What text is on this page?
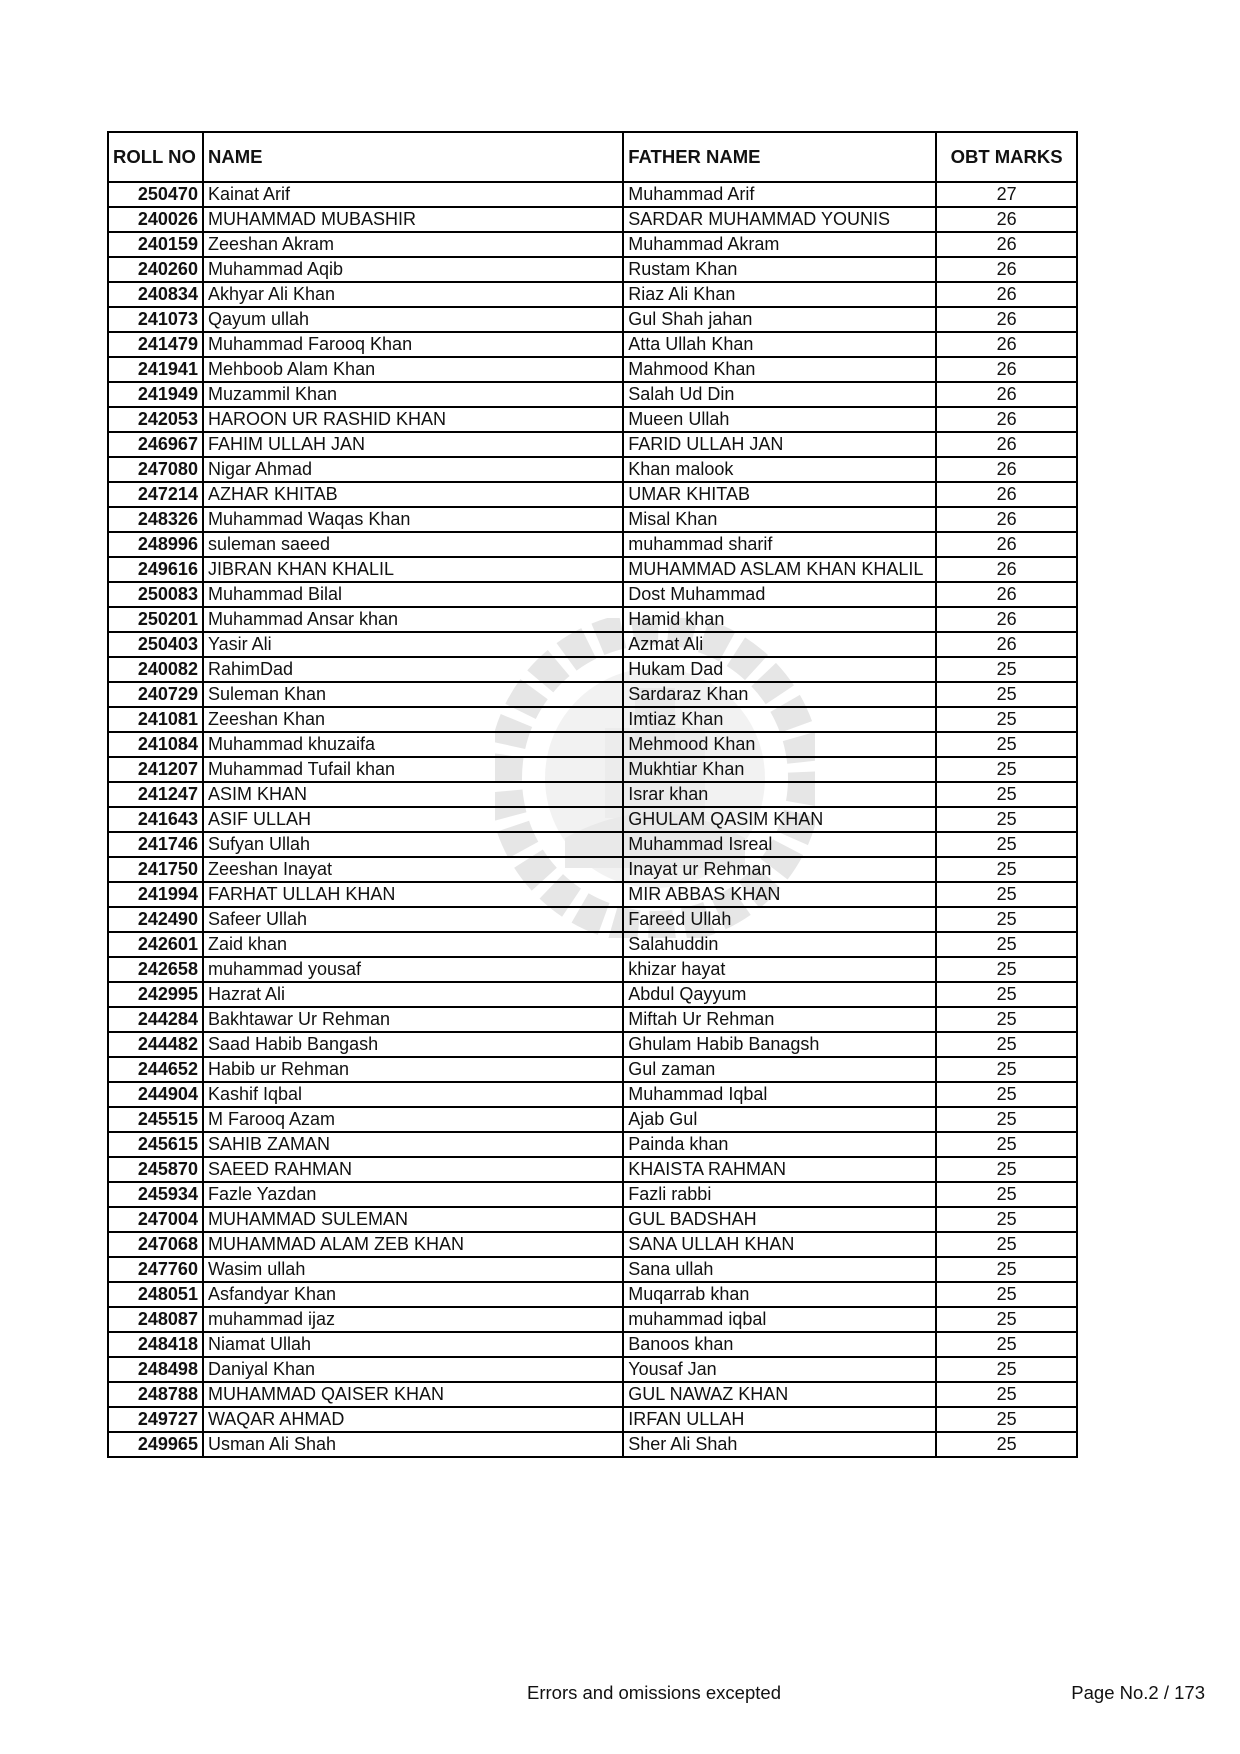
ROLL NO	NAME	FATHER NAME	OBT MARKS
250470	Kainat Arif	Muhammad Arif	27
240026	MUHAMMAD MUBASHIR	SARDAR MUHAMMAD YOUNIS	26
240159	Zeeshan Akram	Muhammad Akram	26
240260	Muhammad Aqib	Rustam Khan	26
240834	Akhyar Ali Khan	Riaz Ali Khan	26
241073	Qayum ullah	Gul Shah jahan	26
241479	Muhammad Farooq Khan	Atta Ullah Khan	26
241941	Mehboob Alam Khan	Mahmood Khan	26
241949	Muzammil Khan	Salah Ud Din	26
242053	HAROON UR RASHID KHAN	Mueen Ullah	26
246967	FAHIM ULLAH JAN	FARID ULLAH JAN	26
247080	Nigar Ahmad	Khan malook	26
247214	AZHAR KHITAB	UMAR KHITAB	26
248326	Muhammad Waqas Khan	Misal Khan	26
248996	suleman saeed	muhammad sharif	26
249616	JIBRAN KHAN KHALIL	MUHAMMAD ASLAM KHAN KHALIL	26
250083	Muhammad Bilal	Dost Muhammad	26
250201	Muhammad Ansar khan	Hamid khan	26
250403	Yasir Ali	Azmat Ali	26
240082	RahimDad	Hukam Dad	25
240729	Suleman Khan	Sardaraz Khan	25
241081	Zeeshan Khan	Imtiaz Khan	25
241084	Muhammad khuzaifa	Mehmood Khan	25
241207	Muhammad Tufail khan	Mukhtiar Khan	25
241247	ASIM KHAN	Israr khan	25
241643	ASIF ULLAH	GHULAM QASIM KHAN	25
241746	Sufyan Ullah	Muhammad Isreal	25
241750	Zeeshan Inayat	Inayat ur Rehman	25
241994	FARHAT ULLAH KHAN	MIR ABBAS KHAN	25
242490	Safeer Ullah	Fareed Ullah	25
242601	Zaid khan	Salahuddin	25
242658	muhammad yousaf	khizar hayat	25
242995	Hazrat Ali	Abdul Qayyum	25
244284	Bakhtawar Ur Rehman	Miftah Ur Rehman	25
244482	Saad Habib Bangash	Ghulam Habib Banagsh	25
244652	Habib ur Rehman	Gul zaman	25
244904	Kashif Iqbal	Muhammad Iqbal	25
245515	M Farooq Azam	Ajab Gul	25
245615	SAHIB ZAMAN	Painda khan	25
245870	SAEED RAHMAN	KHAISTA RAHMAN	25
245934	Fazle Yazdan	Fazli rabbi	25
247004	MUHAMMAD SULEMAN	GUL BADSHAH	25
247068	MUHAMMAD ALAM ZEB KHAN	SANA ULLAH KHAN	25
247760	Wasim ullah	Sana ullah	25
248051	Asfandyar Khan	Muqarrab khan	25
248087	muhammad ijaz	muhammad iqbal	25
248418	Niamat Ullah	Banoos khan	25
248498	Daniyal Khan	Yousaf Jan	25
248788	MUHAMMAD QAISER KHAN	GUL NAWAZ KHAN	25
249727	WAQAR AHMAD	IRFAN ULLAH	25
249965	Usman Ali Shah	Sher Ali Shah	25
Errors and omissions excepted	Page No.2 / 173
